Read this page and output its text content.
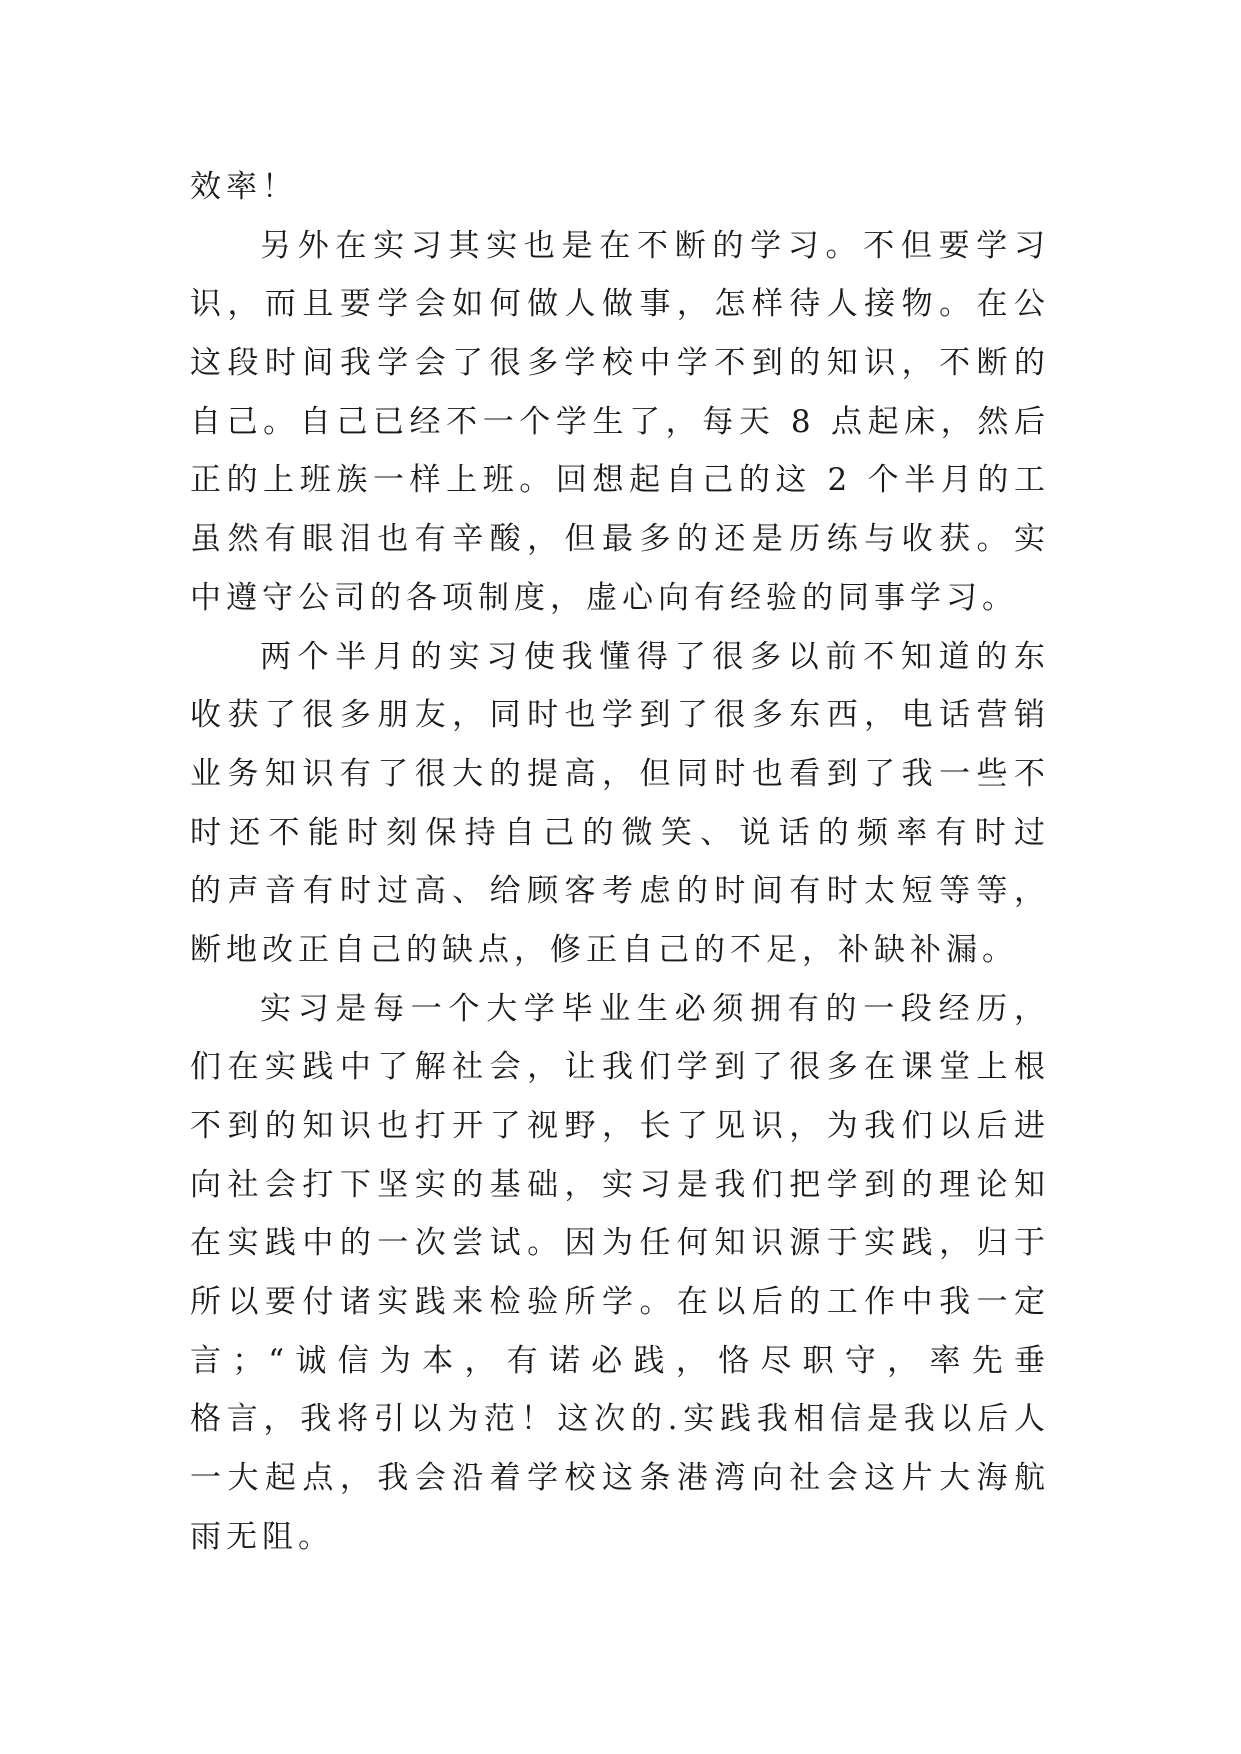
效率！
另外在实习其实也是在不断的学习。不但要学习
识，而且要学会如何做人做事，怎样待人接物。在公
这段时间我学会了很多学校中学不到的知识，不断的
自己。自己已经不一个学生了，每天 8 点起床，然后
正的上班族一样上班。回想起自己的这 2 个半月的工
虽然有眼泪也有辛酸，但最多的还是历练与收获。实
中遵守公司的各项制度，虚心向有经验的同事学习。
两个半月的实习使我懂得了很多以前不知道的东
收获了很多朋友，同时也学到了很多东西，电话营销
业务知识有了很大的提高，但同时也看到了我一些不
时还不能时刻保持自己的微笑、说话的频率有时过
的声音有时过高、给顾客考虑的时间有时太短等等，
断地改正自己的缺点，修正自己的不足，补缺补漏。
实习是每一个大学毕业生必须拥有的一段经历，
们在实践中了解社会，让我们学到了很多在课堂上根
不到的知识也打开了视野，长了见识，为我们以后进
向社会打下坚实的基础，实习是我们把学到的理论知
在实践中的一次尝试。因为任何知识源于实践，归于
所以要付诸实践来检验所学。在以后的工作中我一定
言；“诚信为本，有诺必践，恪尽职守，率先垂
格言，我将引以为范！这次的.实践我相信是我以后人
一大起点，我会沿着学校这条港湾向社会这片大海航
雨无阻。
